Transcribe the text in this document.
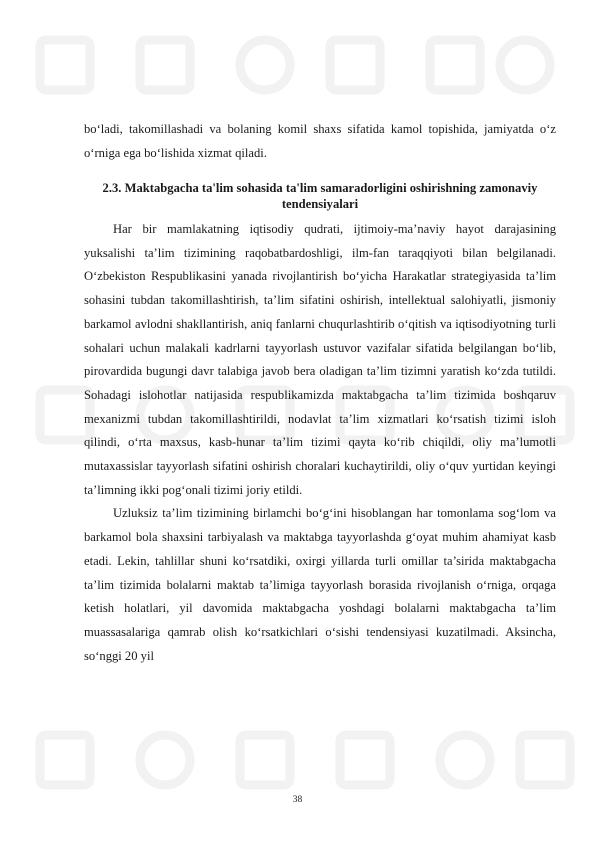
bo‘ladi, takomillashadi va bolaning komil shaxs sifatida kamol topishida, jamiyatda o‘z o‘rniga ega bo‘lishida xizmat qiladi.

2.3. Maktabgacha ta'lim sohasida ta'lim samaradorligini oshirishning zamonaviy tendensiyalari

Har bir mamlakatning iqtisodiy qudrati, ijtimoiy-ma’naviy hayot darajasining yuksalishi ta’lim tizimining raqobatbardoshligi, ilm-fan taraqqiyoti bilan belgilanadi. O‘zbekiston Respublikasini yanada rivojlantirish bo‘yicha Harakatlar strategiyasida ta’lim sohasini tubdan takomillashtirish, ta’lim sifatini oshirish, intellektual salohiyatli, jismoniy barkamol avlodni shakllantirish, aniq fanlarni chuqurlashtirib o‘qitish va iqtisodiyotning turli sohalari uchun malakali kadrlarni tayyorlash ustuvor vazifalar sifatida belgilangan bo‘lib, pirovardida bugungi davr talabiga javob bera oladigan ta’lim tizimni yaratish ko‘zda tutildi. Sohadagi islohotlar natijasida respublikamizda maktabgacha ta’lim tizimida boshqaruv mexanizmi tubdan takomillashtirildi, nodavlat ta’lim xizmatlari ko‘rsatish tizimi isloh qilindi, o‘rta maxsus, kasb-hunar ta’lim tizimi qayta ko‘rib chiqildi, oliy ma’lumotli mutaxassislar tayyorlash sifatini oshirish choralari kuchaytirildi, oliy o‘quv yurtidan keyingi ta’limning ikki pog‘onali tizimi joriy etildi.

Uzluksiz ta’lim tizimining birlamchi bo‘g‘ini hisoblangan har tomonlama sog‘lom va barkamol bola shaxsini tarbiyalash va maktabga tayyorlashda g‘oyat muhim ahamiyat kasb etadi. Lekin, tahlillar shuni ko‘rsatdiki, oxirgi yillarda turli omillar ta’sirida maktabgacha ta’lim tizimida bolalarni maktab ta’limiga tayyorlash borasida rivojlanish o‘rniga, orqaga ketish holatlari, yil davomida maktabgacha yoshdagi bolalarni maktabgacha ta’lim muassasalariga qamrab olish ko‘rsatkichlari o‘sishi tendensiyasi kuzatilmadi. Aksincha, so‘nggi 20 yil

38
